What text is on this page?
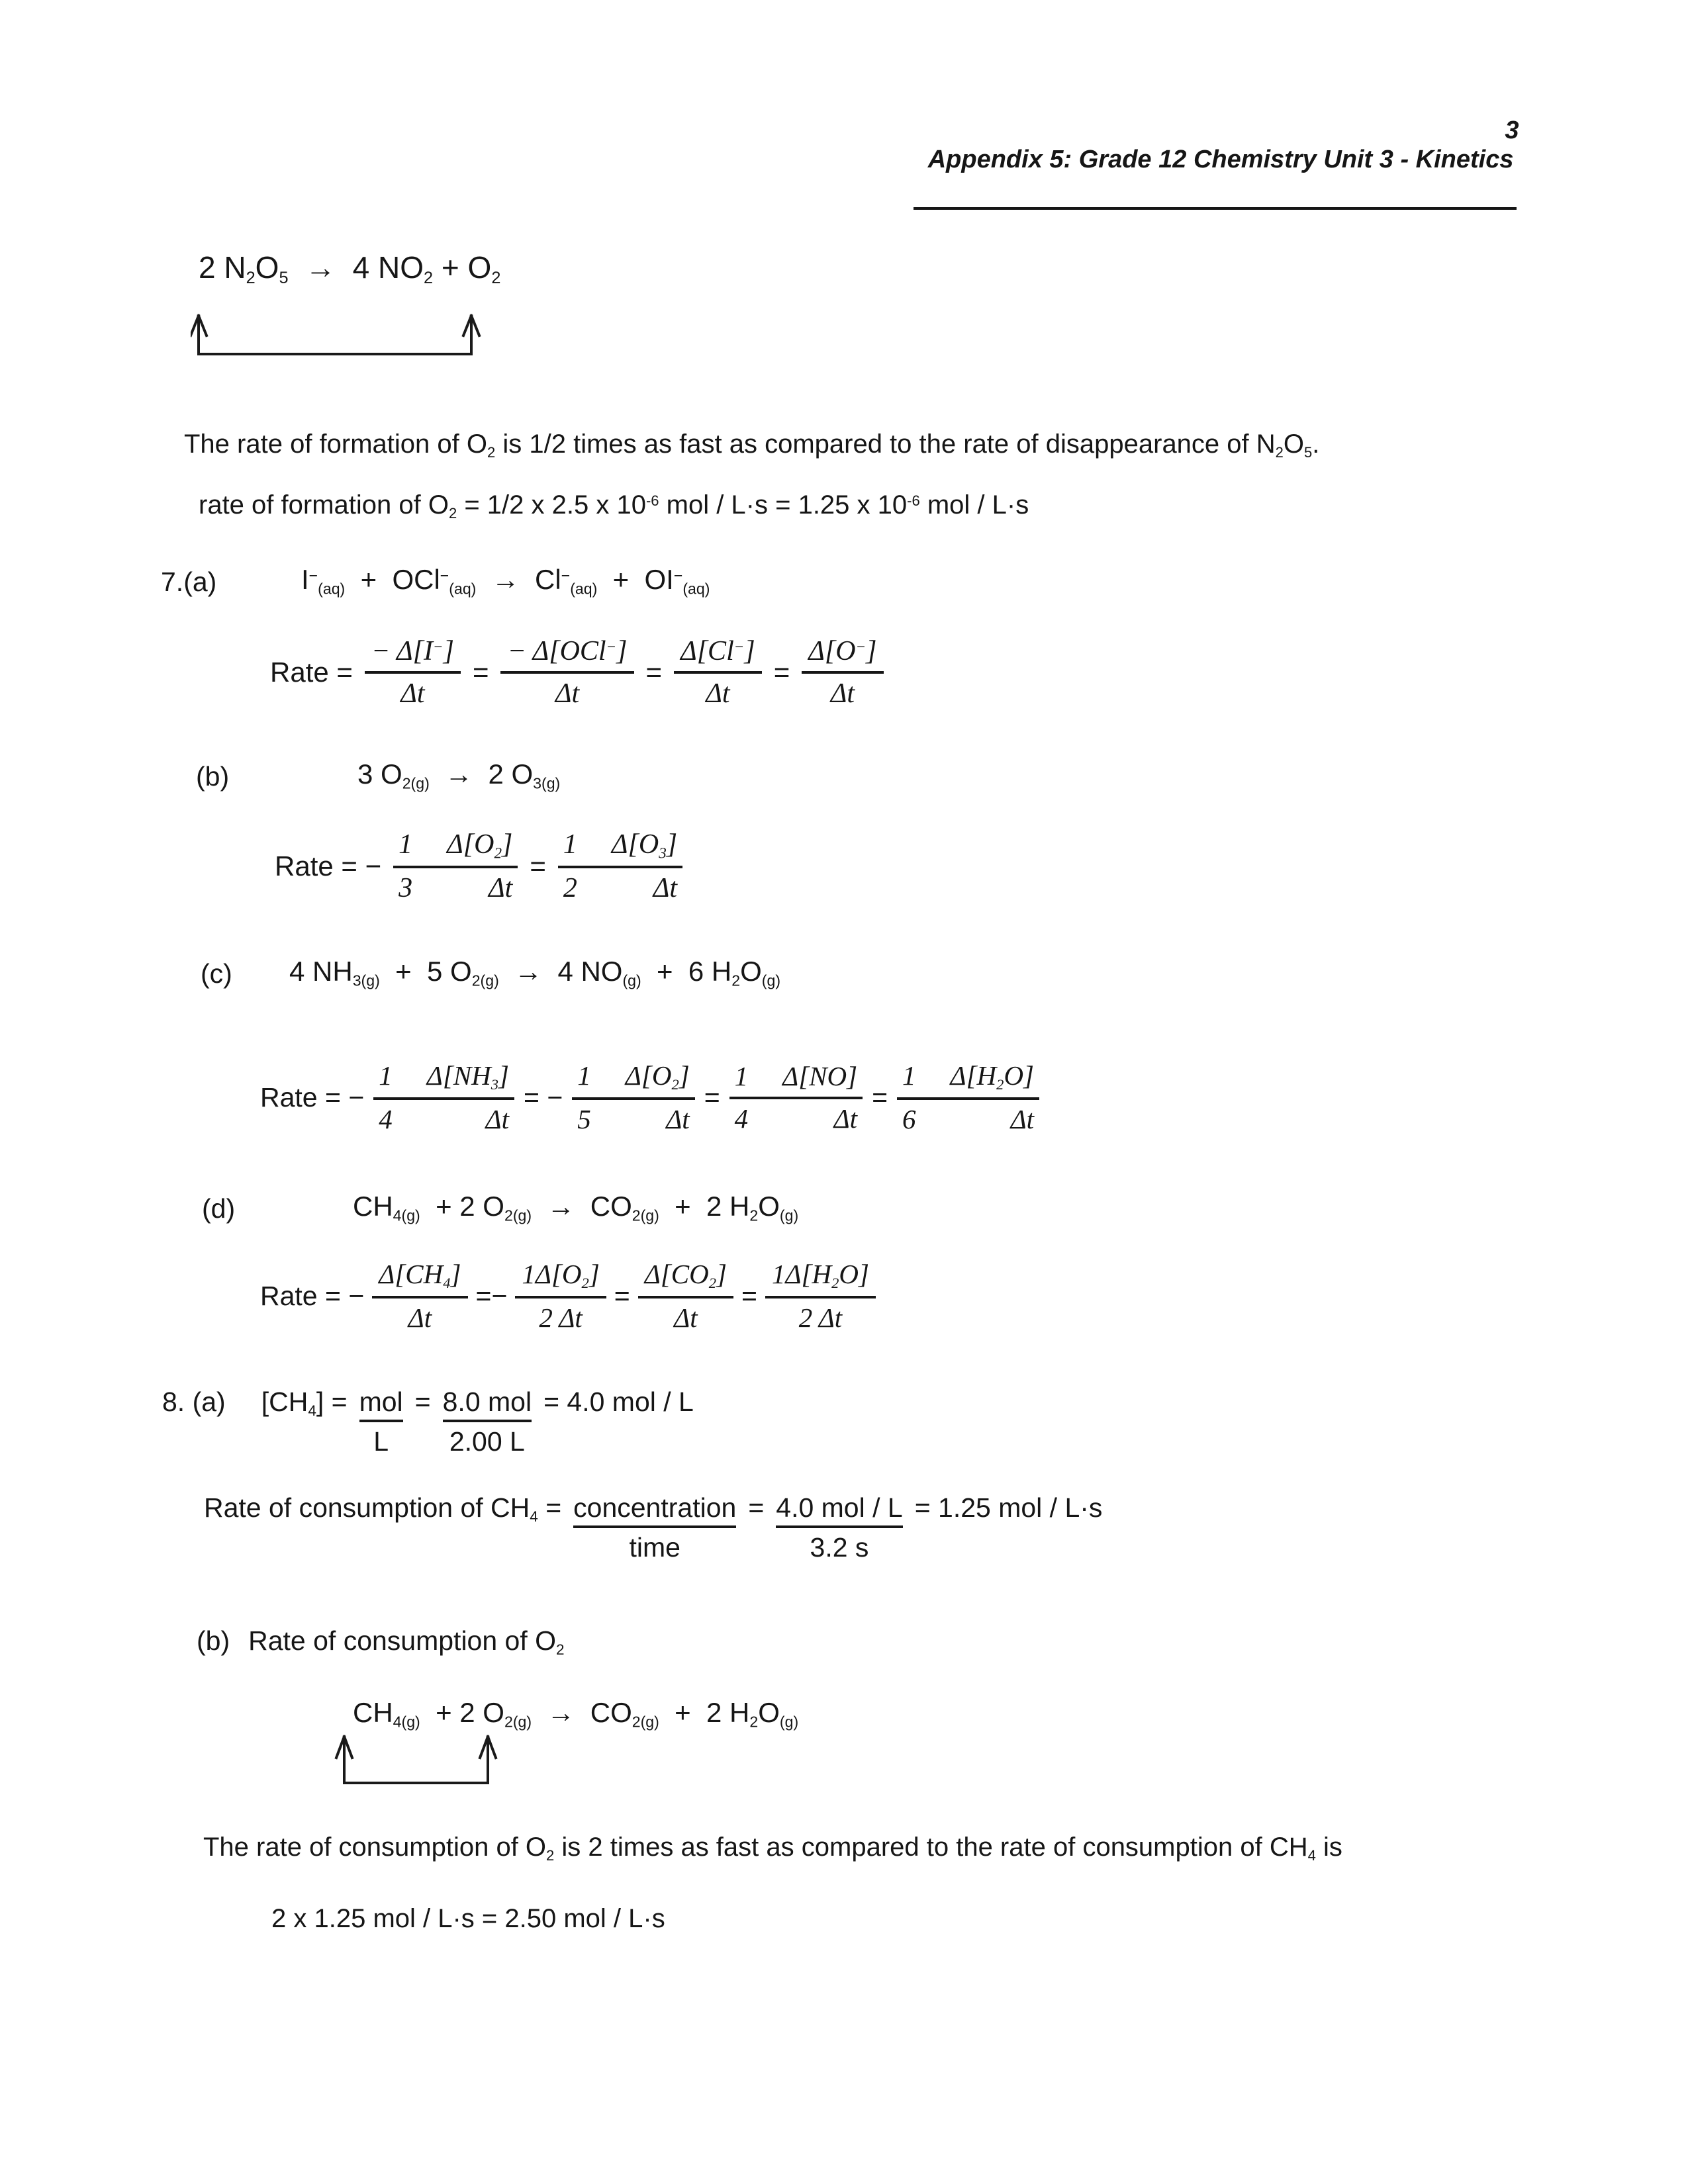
Appendix 5: Grade 12 Chemistry Unit 3 - Kinetics

3

2 $N_2O_5 \to 4$ $NO_2 + O_2$
The rate of formation of $O_2$ is 1/2 times as fast as compared to the rate of disappearance of $N_2O_5$.
rate of formation of $O_2 = 1/2$ x 2.5 x $10^{-6}$ mol / L·s = 1.25 x $10^{-6}$ mol / L·s
7.(a)	$I^-_{(aq)} + OCl^-_{(aq)} \to Cl^-_{(aq)} + OI^-_{(aq)}$
Rate = $\frac{- \Delta[I^-]}{\Delta t} = \frac{- \Delta[OCl^-]}{\Delta t} = \frac{\Delta[Cl^-]}{\Delta t} = \frac{\Delta[O^-]}{\Delta t}$
(b)	3 $O_{2(g)} \to 2$ $O_{3(g)}$
Rate = − 1 $\Delta[O_2]$
3	Δt = 1 $\Delta[O_3]$
2	Δt
(c) 4 $NH_{3(g)} + 5$ $O_{2(g)} \to 4$ $NO_{(g)} + 6$ $H_2O_{(g)}$
Rate = − 1 $\Delta[NH_3]$
4	Δt = − 1 $\Delta[O_2]$
5	Δt = 1 Δ[NO]
4	Δt = 1 $\Delta[H_2O]$
6	Δt
(d)	$CH_{4(g)} + 2$ $O_{2(g)} \to CO_{2(g)} + 2$ $H_2O_{(g)}$
Rate = − $\frac{\Delta[CH_4]}{\Delta t} =- \frac{1\Delta[O_2]}{2 \Delta t} = \frac{\Delta[CO_2]}{\Delta t} = \frac{1\Delta[H_2O]}{2 \Delta t}$
8. (a) $[CH_4]$ = mol
L
= 8.0 mol
2.00 L
= 4.0 mol / L
Rate of consumption of $CH_4$ = concentration
time
= 4.0 mol / L
3.2 s
= 1.25 mol / L·s
(b) Rate of consumption of $O_2$
$CH_{4(g)} + 2$ $O_{2(g)} \to CO_{2(g)} + 2$ $H_2O_{(g)}$
The rate of consumption of $O_2$ is 2 times as fast as compared to the rate of consumption of $CH_4$ is
2 x 1.25 mol / L·s = 2.50 mol / L·s
